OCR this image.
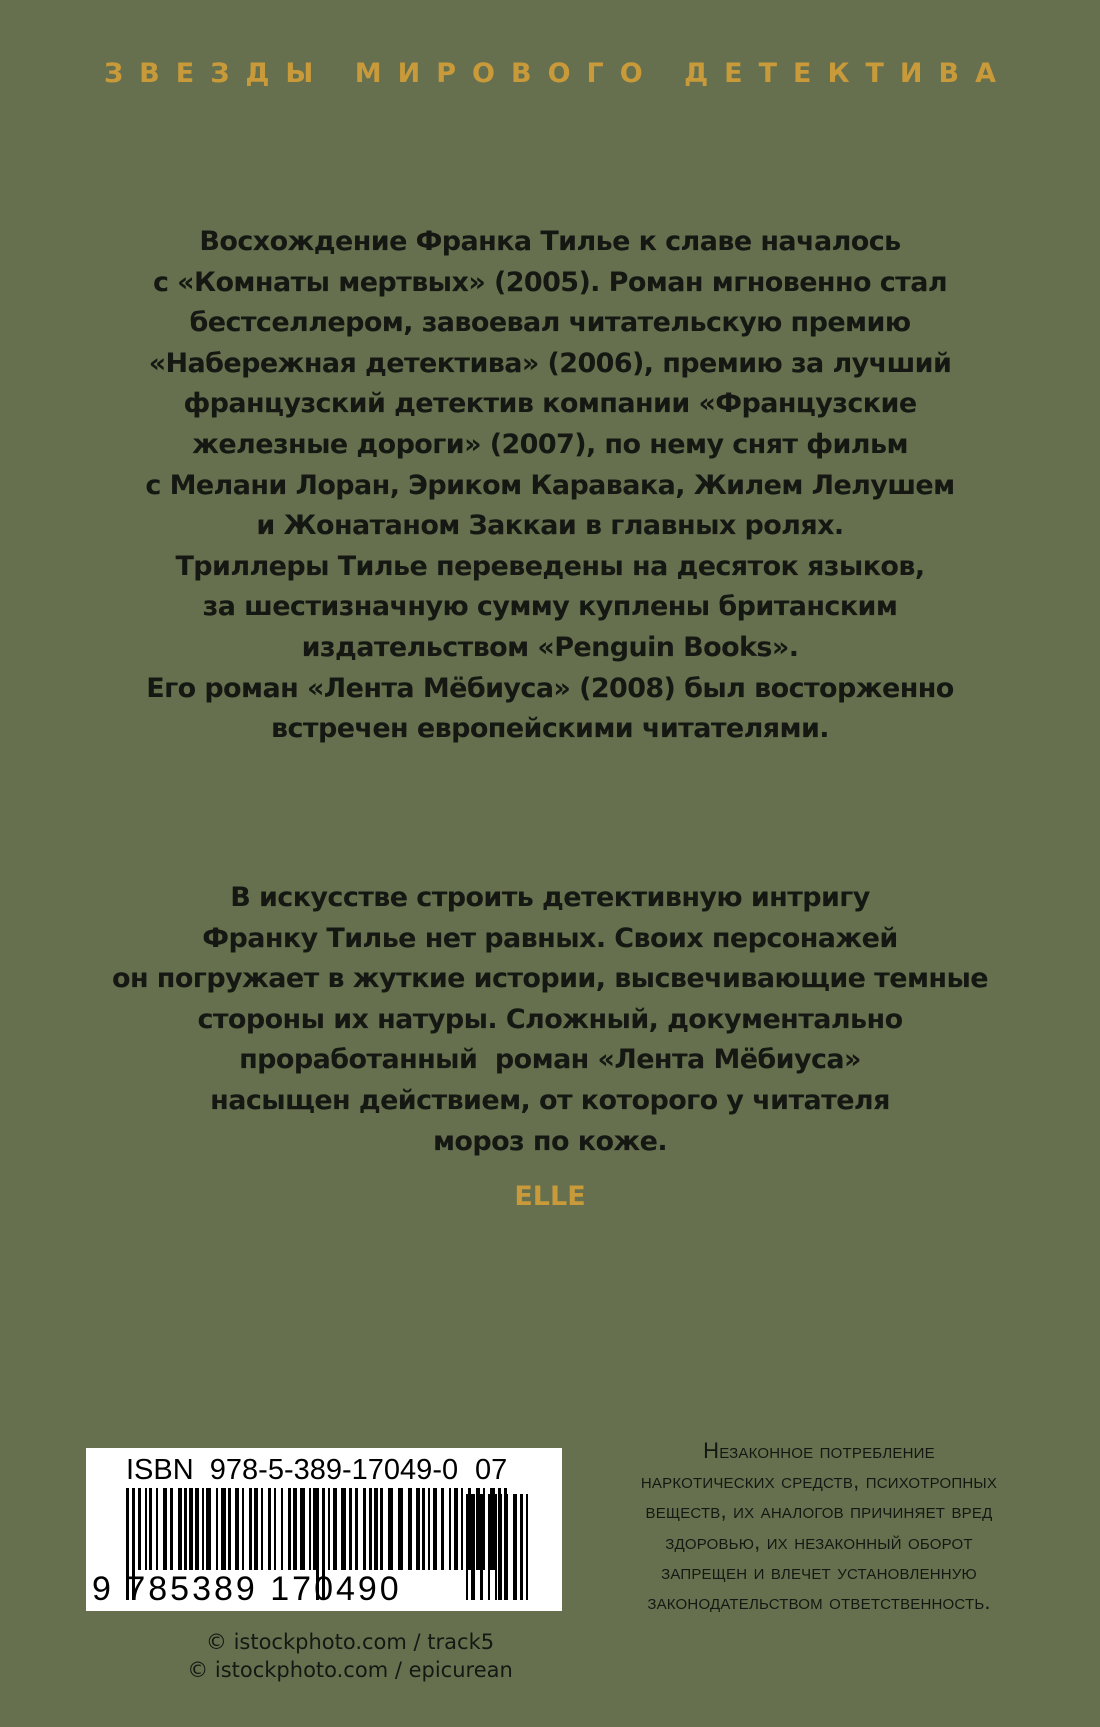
ЗВЕЗДЫ МИРОВОГО ДЕТЕКТИВА
Восхождение Франка Тилье к славе началось
с «Комнаты мертвых» (2005). Роман мгновенно стал
бестселлером, завоевал читательскую премию
«Набережная детектива» (2006), премию за лучший
французский детектив компании «Французские
железные дороги» (2007), по нему снят фильм
с Мелани Лоран, Эриком Каравака, Жилем Лелушем
и Жонатаном Заккаи в главных ролях.
Триллеры Тилье переведены на десяток языков,
за шестизначную сумму куплены британским
издательством «Penguin Books».
Его роман «Лента Мёбиуса» (2008) был восторженно
встречен европейскими читателями.
В искусстве строить детективную интригу
Франку Тилье нет равных. Своих персонажей
он погружает в жуткие истории, высвечивающие темные
стороны их натуры. Сложный, документально
проработанный  роман «Лента Мёбиуса»
насыщен действием, от которого у читателя
мороз по коже.
ELLE
ISBN  978-5-389-17049-0 07
9 785389 170490
Незаконное потребление
наркотических средств, психотропных
веществ, их аналогов причиняет вред
здоровью, их незаконный оборот
запрещен и влечет установленную
законодательством ответственность.
© istockphoto.com / track5
© istockphoto.com / epicurean
